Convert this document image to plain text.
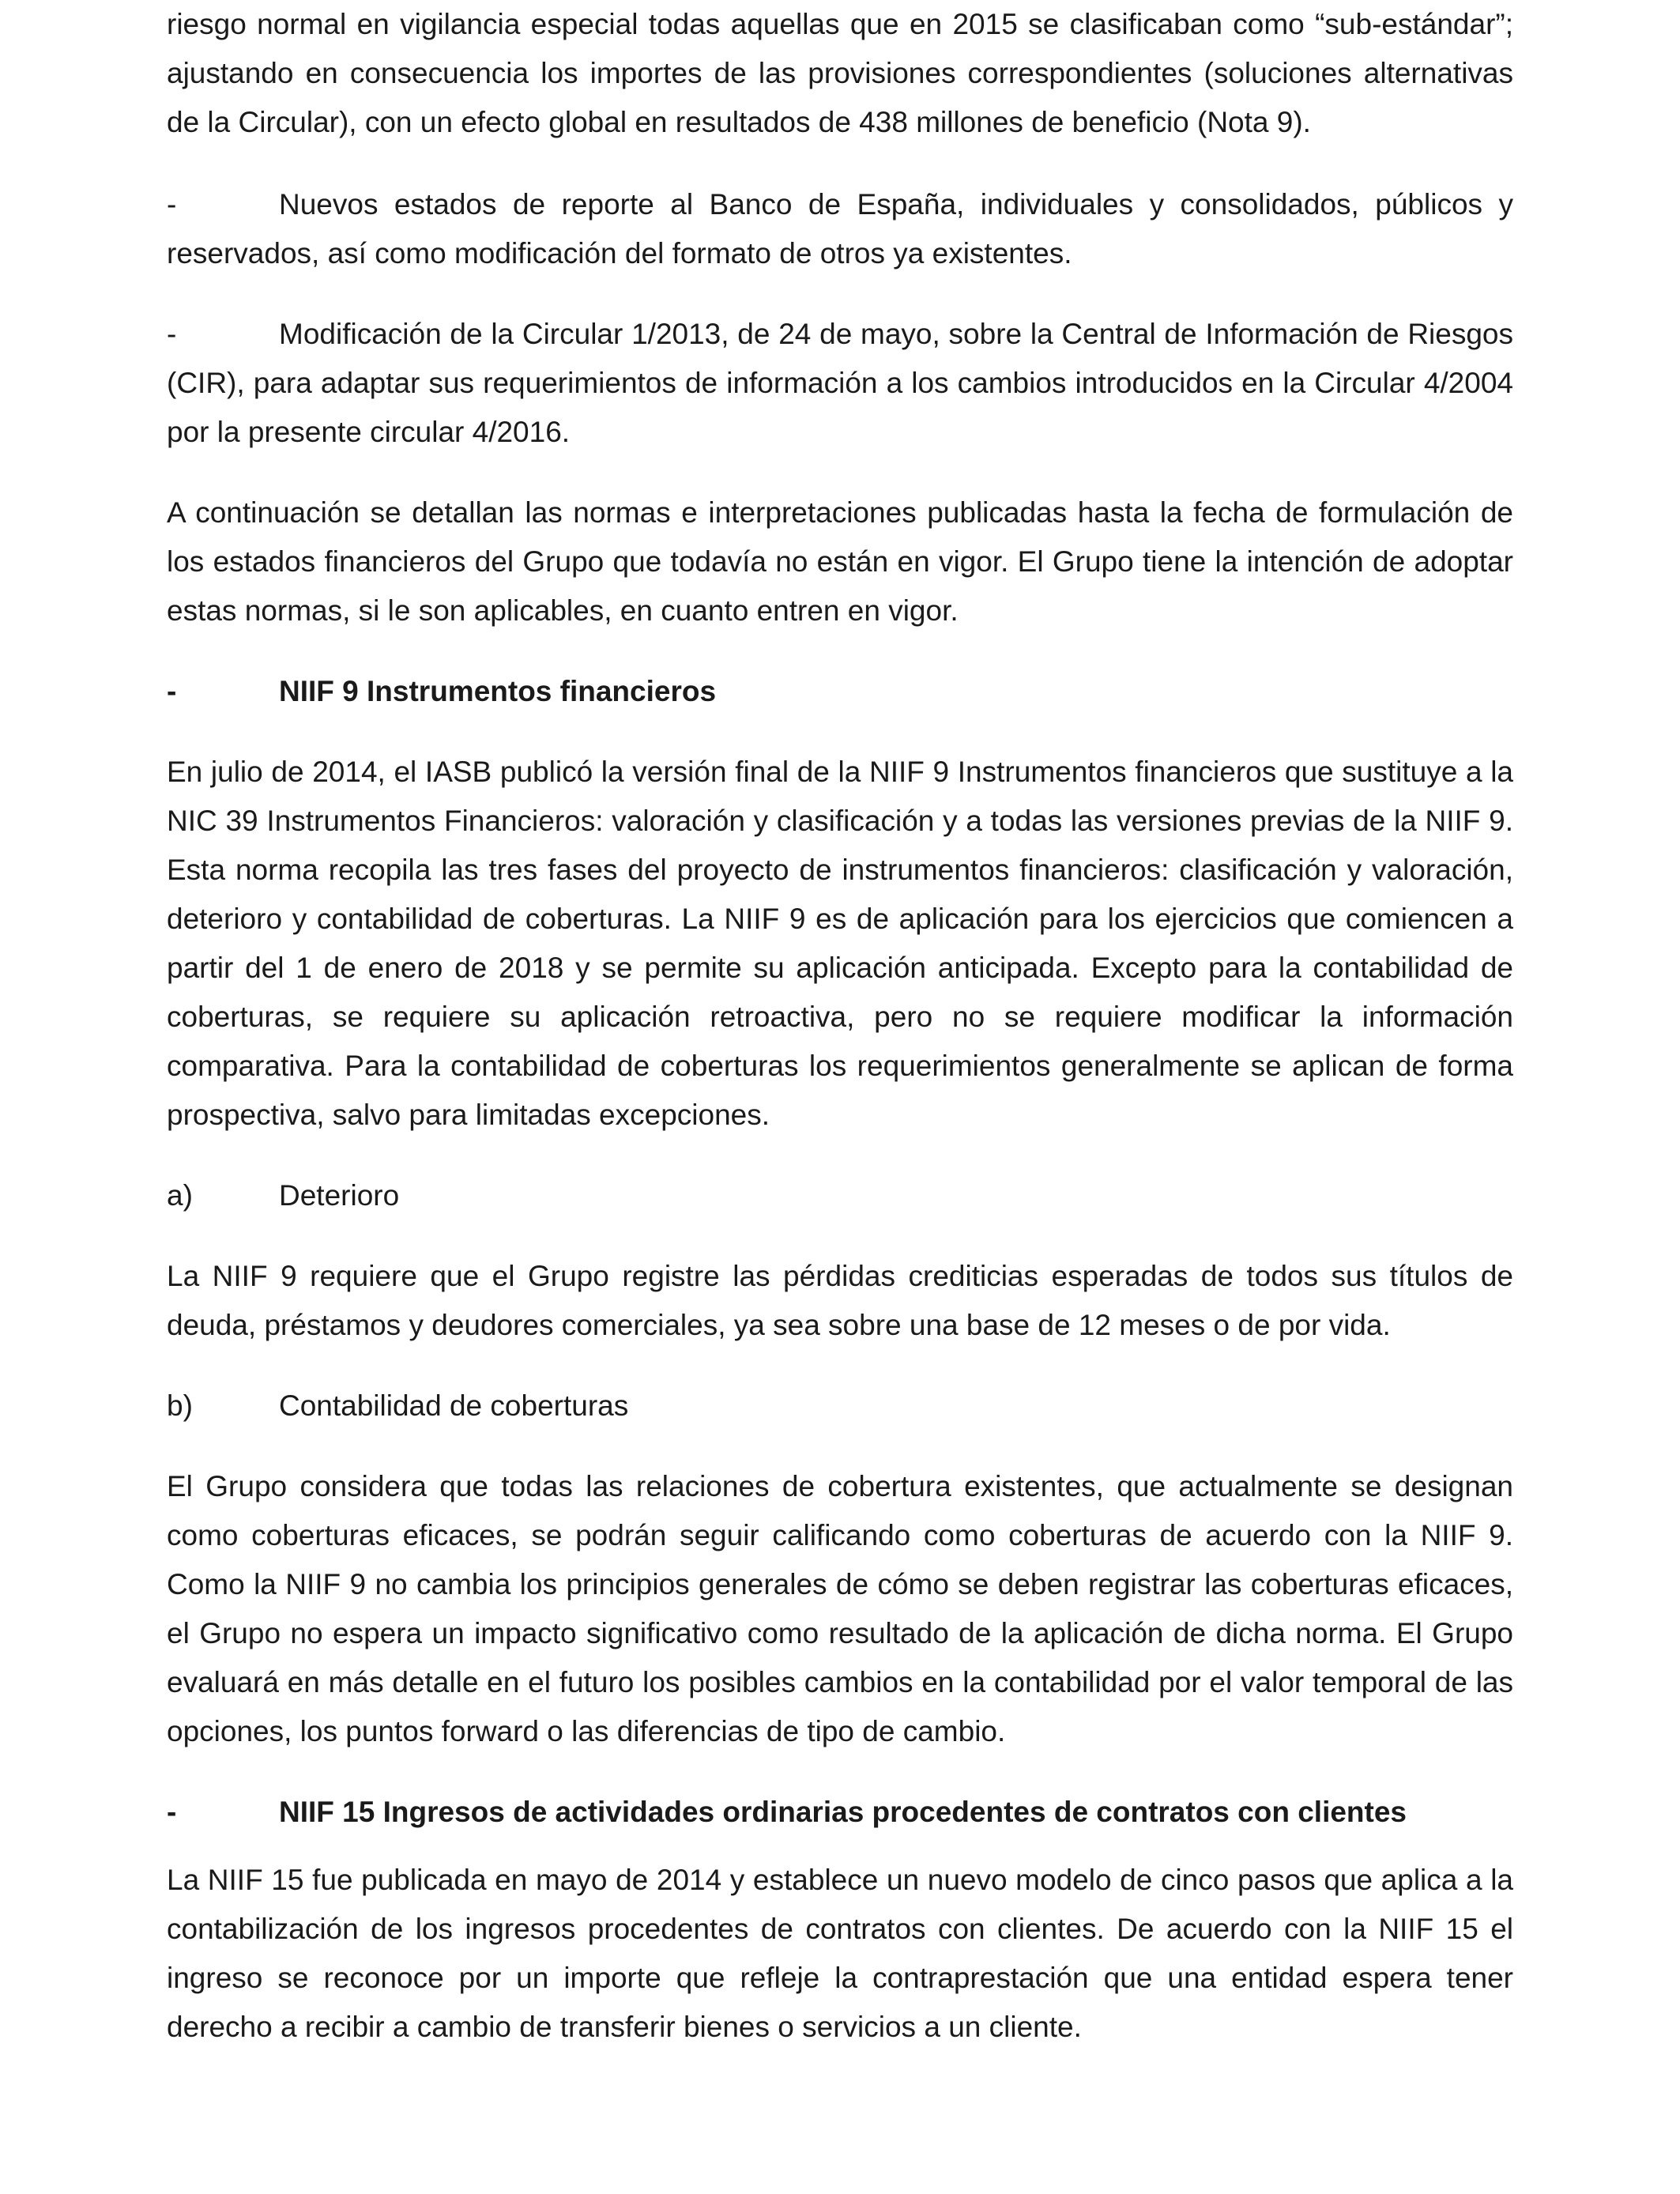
riesgo normal en vigilancia especial todas aquellas que en 2015 se clasificaban como “sub-estándar”; ajustando en consecuencia los importes de las provisiones correspondientes (soluciones alternativas de la Circular), con un efecto global en resultados de 438 millones de beneficio (Nota 9).

-	Nuevos estados de reporte al Banco de España, individuales y consolidados, públicos y reservados, así como modificación del formato de otros ya existentes.

-	Modificación de la Circular 1/2013, de 24 de mayo, sobre la Central de Información de Riesgos (CIR), para adaptar sus requerimientos de información a los cambios introducidos en la Circular 4/2004 por la presente circular 4/2016.

A continuación se detallan las normas e interpretaciones publicadas hasta la fecha de formulación de los estados financieros del Grupo que todavía no están en vigor. El Grupo tiene la intención de adoptar estas normas, si le son aplicables, en cuanto entren en vigor.

-	NIIF 9 Instrumentos financieros

En julio de 2014, el IASB publicó la versión final de la NIIF 9 Instrumentos financieros que sustituye a la NIC 39 Instrumentos Financieros: valoración y clasificación y a todas las versiones previas de la NIIF 9. Esta norma recopila las tres fases del proyecto de instrumentos financieros: clasificación y valoración, deterioro y contabilidad de coberturas. La NIIF 9 es de aplicación para los ejercicios que comiencen a partir del 1 de enero de 2018 y se permite su aplicación anticipada. Excepto para la contabilidad de coberturas, se requiere su aplicación retroactiva, pero no se requiere modificar la información comparativa. Para la contabilidad de coberturas los requerimientos generalmente se aplican de forma prospectiva, salvo para limitadas excepciones.

a)	Deterioro

La NIIF 9 requiere que el Grupo registre las pérdidas crediticias esperadas de todos sus títulos de deuda, préstamos y deudores comerciales, ya sea sobre una base de 12 meses o de por vida.

b)	Contabilidad de coberturas

El Grupo considera que todas las relaciones de cobertura existentes, que actualmente se designan como coberturas eficaces, se podrán seguir calificando como coberturas de acuerdo con la NIIF 9. Como la NIIF 9 no cambia los principios generales de cómo se deben registrar las coberturas eficaces, el Grupo no espera un impacto significativo como resultado de la aplicación de dicha norma. El Grupo evaluará en más detalle en el futuro los posibles cambios en la contabilidad por el valor temporal de las opciones, los puntos forward o las diferencias de tipo de cambio.

-	NIIF 15 Ingresos de actividades ordinarias procedentes de contratos con clientes

La NIIF 15 fue publicada en mayo de 2014 y establece un nuevo modelo de cinco pasos que aplica a la contabilización de los ingresos procedentes de contratos con clientes. De acuerdo con la NIIF 15 el ingreso se reconoce por un importe que refleje la contraprestación que una entidad espera tener derecho a recibir a cambio de transferir bienes o servicios a un cliente.
